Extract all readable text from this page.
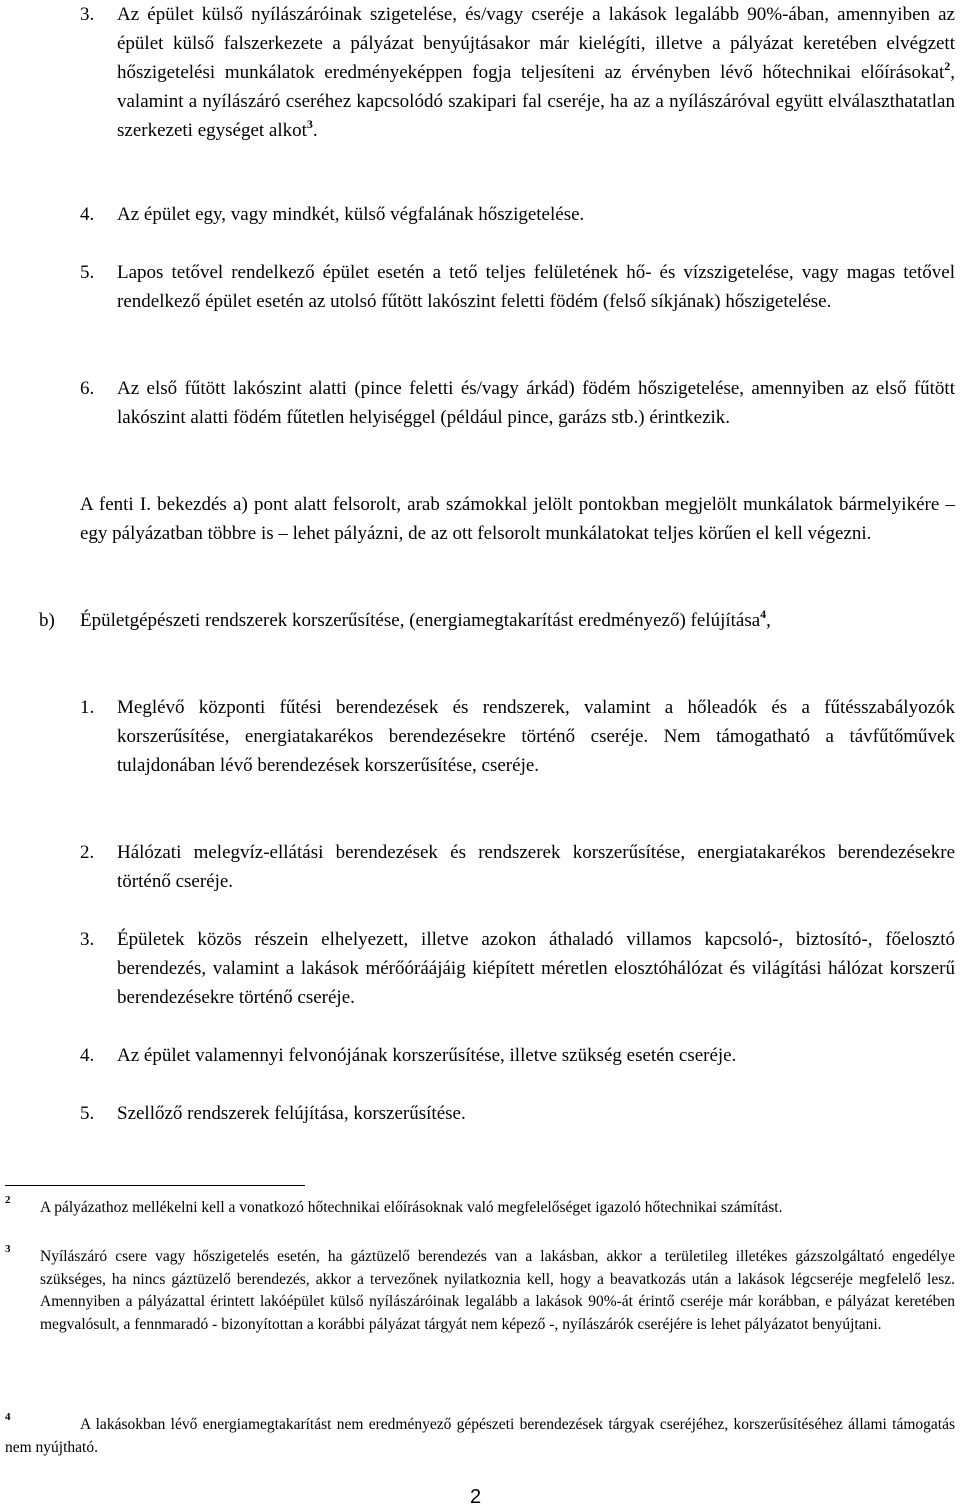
3. Az épület külső nyílászáróinak szigetelése, és/vagy cseréje a lakások legalább 90%-ában, amennyiben az épület külső falszerkezete a pályázat benyújtásakor már kielégíti, illetve a pályázat keretében elvégzett hőszigetelési munkálatok eredményeképpen fogja teljesíteni az érvényben lévő hőtechnikai előírásokat$^2$, valamint a nyílászáró cseréhez kapcsolódó szakipari fal cseréje, ha az a nyílászáróval együtt elválaszthatatlan szerkezeti egységet alkot$^3$.

4. Az épület egy, vagy mindkét, külső végfalának hőszigetelése.

5. Lapos tetővel rendelkező épület esetén a tető teljes felületének hő- és vízszigetelése, vagy magas tetővel rendelkező épület esetén az utolsó fűtött lakószint feletti födém (felső síkjának) hőszigetelése.

6. Az első fűtött lakószint alatti (pince feletti és/vagy árkád) födém hőszigetelése, amennyiben az első fűtött lakószint alatti födém fűtetlen helyiséggel (például pince, garázs stb.) érintkezik.

A fenti I. bekezdés a) pont alatt felsorolt, arab számokkal jelölt pontokban megjelölt munkálatok bármelyikére – egy pályázatban többre is – lehet pályázni, de az ott felsorolt munkálatokat teljes körűen el kell végezni.

b) Épületgépészeti rendszerek korszerűsítése, (energiamegtakarítást eredményező) felújítása$^4$,

1. Meglévő központi fűtési berendezések és rendszerek, valamint a hőleadók és a fűtésszabályozók korszerűsítése, energiatakarékos berendezésekre történő cseréje. Nem támogatható a távfűtőművek tulajdonában lévő berendezések korszerűsítése, cseréje.

2. Hálózati melegvíz-ellátási berendezések és rendszerek korszerűsítése, energiatakarékos berendezésekre történő cseréje.

3. Épületek közös részein elhelyezett, illetve azokon áthaladó villamos kapcsoló-, biztosító-, főelosztó berendezés, valamint a lakások mérőóráájáig kiépített méretlen elosztóhálózat és világítási hálózat korszerű berendezésekre történő cseréje.

4. Az épület valamennyi felvonójának korszerűsítése, illetve szükség esetén cseréje.

5. Szellőző rendszerek felújítása, korszerűsítése.

2 A pályázathoz mellékelni kell a vonatkozó hőtechnikai előírásoknak való megfelelőséget igazoló hőtechnikai számítást.
3 Nyílászáró csere vagy hőszigetelés esetén, ha gáztüzelő berendezés van a lakásban, akkor a területileg illetékes gázszolgáltató engedélye szükséges, ha nincs gáztüzelő berendezés, akkor a tervezőnek nyilatkoznia kell, hogy a beavatkozás után a lakások légcseréje megfelelő lesz. Amennyiben a pályázattal érintett lakóépület külső nyílászáróinak legalább a lakások 90%-át érintő cseréje már korábban, e pályázat keretében megvalósult, a fennmaradó - bizonyítottan a korábbi pályázat tárgyát nem képező -, nyílászárók cseréjére is lehet pályázatot benyújtani.
4	A lakásokban lévő energiamegtakarítást nem eredményező gépészeti berendezések tárgyak cseréjéhez, korszerűsítéséhez állami támogatás nem nyújtható.
2
